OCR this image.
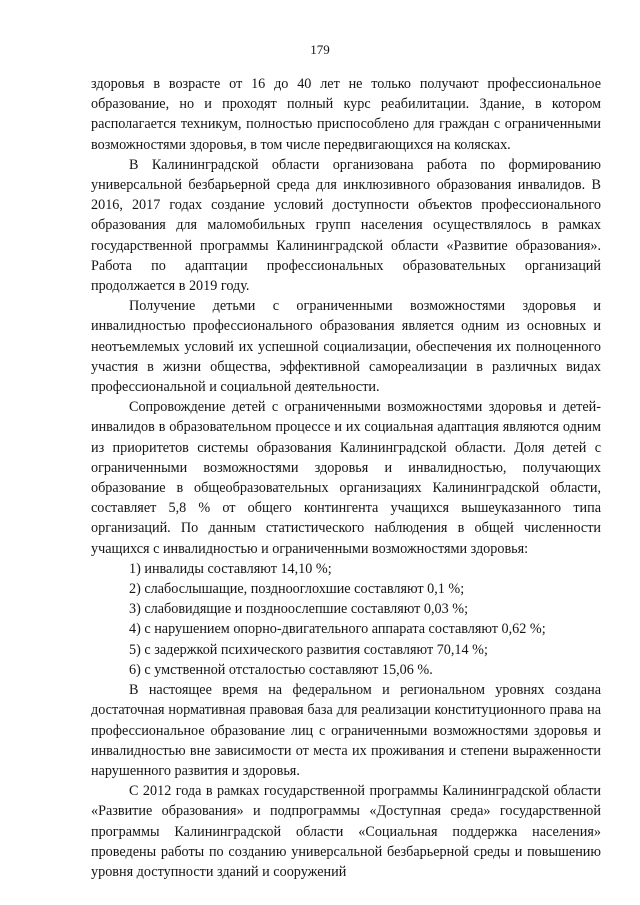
179

здоровья в возрасте от 16 до 40 лет не только получают профессиональное образование, но и проходят полный курс реабилитации. Здание, в котором располагается техникум, полностью приспособлено для граждан с ограниченными возможностями здоровья, в том числе передвигающихся на колясках.

В Калининградской области организована работа по формированию универсальной безбарьерной среда для инклюзивного образования инвалидов. В 2016, 2017 годах создание условий доступности объектов профессионального образования для маломобильных групп населения осуществлялось в рамках государственной программы Калининградской области «Развитие образования». Работа по адаптации профессиональных образовательных организаций продолжается в 2019 году.

Получение детьми с ограниченными возможностями здоровья и инвалидностью профессионального образования является одним из основных и неотъемлемых условий их успешной социализации, обеспечения их полноценного участия в жизни общества, эффективной самореализации в различных видах профессиональной и социальной деятельности.

Сопровождение детей с ограниченными возможностями здоровья и детей-инвалидов в образовательном процессе и их социальная адаптация являются одним из приоритетов системы образования Калининградской области. Доля детей с ограниченными возможностями здоровья и инвалидностью, получающих образование в общеобразовательных организациях Калининградской области, составляет 5,8 % от общего контингента учащихся вышеуказанного типа организаций. По данным статистического наблюдения в общей численности учащихся с инвалидностью и ограниченными возможностями здоровья:

1) инвалиды составляют 14,10 %;

2) слабослышащие, позднооглохшие составляют 0,1 %;

3) слабовидящие и поздноослепшие составляют 0,03 %;

4) с нарушением опорно-двигательного аппарата составляют 0,62 %;

5) с задержкой психического развития составляют 70,14 %;

6) с умственной отсталостью составляют 15,06 %.

В настоящее время на федеральном и региональном уровнях создана достаточная нормативная правовая база для реализации конституционного права на профессиональное образование лиц с ограниченными возможностями здоровья и инвалидностью вне зависимости от места их проживания и степени выраженности нарушенного развития и здоровья.

С 2012 года в рамках государственной программы Калининградской области «Развитие образования» и подпрограммы «Доступная среда» государственной программы Калининградской области «Социальная поддержка населения» проведены работы по созданию универсальной безбарьерной среды и повышению уровня доступности зданий и сооружений
